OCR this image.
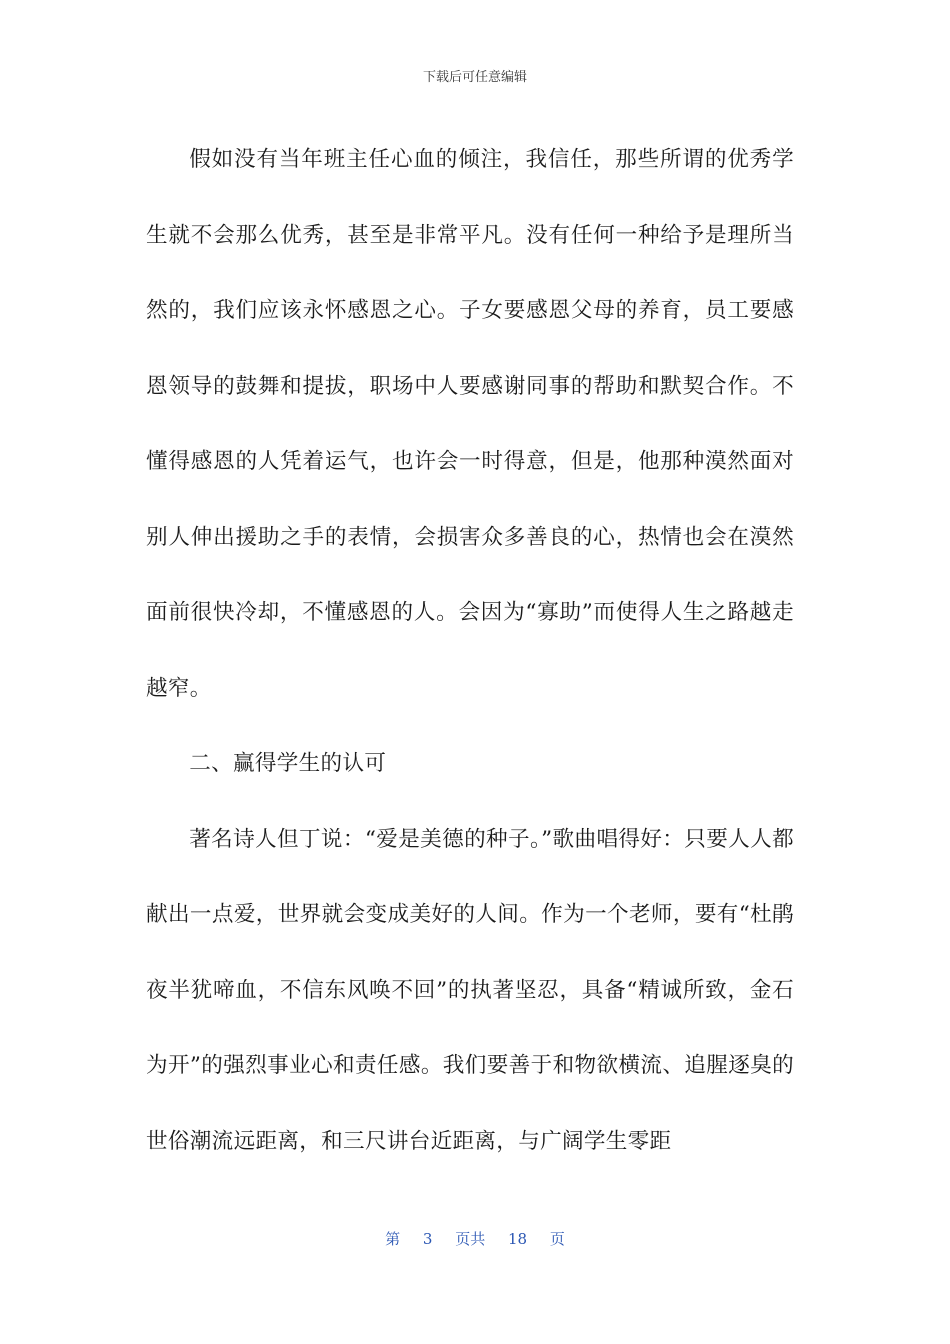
下载后可任意编辑

假如没有当年班主任心血的倾注，我信任，那些所谓的优秀学生就不会那么优秀，甚至是非常平凡。没有任何一种给予是理所当然的，我们应该永怀感恩之心。子女要感恩父母的养育，员工要感恩领导的鼓舞和提拔，职场中人要感谢同事的帮助和默契合作。不懂得感恩的人凭着运气，也许会一时得意，但是，他那种漠然面对别人伸出援助之手的表情，会损害众多善良的心，热情也会在漠然面前很快冷却，不懂感恩的人。会因为“寡助”而使得人生之路越走越窄。

二、赢得学生的认可

著名诗人但丁说：“爱是美德的种子。”歌曲唱得好：只要人人都献出一点爱，世界就会变成美好的人间。作为一个老师，要有“杜鹃夜半犹啼血，不信东风唤不回”的执著坚忍，具备“精诚所致，金石为开”的强烈事业心和责任感。我们要善于和物欲横流、追腥逐臭的世俗潮流远距离，和三尺讲台近距离，与广阔学生零距

第 3 页共 18 页
